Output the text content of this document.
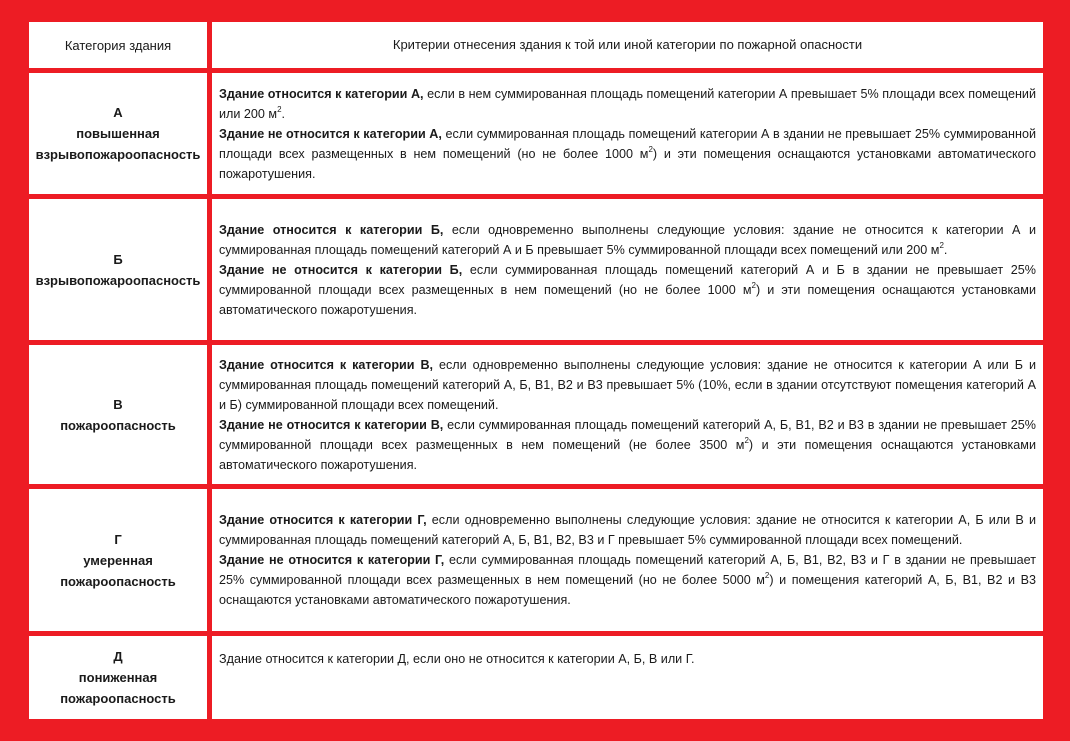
Категория здания	Критерии отнесения здания к той или иной категории по пожарной опасности
А
повышенная
взрывопожароопасность

Здание относится к категории А, если в нем суммированная площадь помещений категории А превышает 5% площади всех помещений или 200 $м^2$.

Здание не относится к категории А, если суммированная площадь помещений категории А в здании не превышает 25% суммированной площади всех размещенных в нем помещений (но не более 1000 $м^2$) и эти помещения оснащаются установками автоматического пожаротушения.

Б
взрывопожароопасность

Здание относится к категории Б, если одновременно выполнены следующие условия: здание не относится к категории А и суммированная площадь помещений категорий А и Б превышает 5% суммированной площади всех помещений или 200 $м^2$.

Здание не относится к категории Б, если суммированная площадь помещений категорий А и Б в здании не превышает 25% суммированной площади всех размещенных в нем помещений (но не более 1000 $м^2$) и эти помещения оснащаются установками автоматического пожаротушения.

В
пожароопасность

Здание относится к категории В, если одновременно выполнены следующие условия: здание не относится к категории А или Б и суммированная площадь помещений категорий А, Б, В1, В2 и В3 превышает 5% (10%, если в здании отсутствуют помещения категорий А и Б) суммированной площади всех помещений.

Здание не относится к категории В, если суммированная площадь помещений категорий А, Б, В1, В2 и В3 в здании не превышает 25% суммированной площади всех размещенных в нем помещений (не более 3500 $м^2$) и эти помещения оснащаются установками автоматического пожаротушения.

Г
умеренная
пожароопасность

Здание относится к категории Г, если одновременно выполнены следующие условия: здание не относится к категории А, Б или В и суммированная площадь помещений категорий А, Б, В1, В2, В3 и Г превышает 5% суммированной площади всех помещений.

Здание не относится к категории Г, если суммированная площадь помещений категорий А, Б, В1, В2, В3 и Г в здании не превышает 25% суммированной площади всех размещенных в нем помещений (но не более 5000 $м^2$) и помещения категорий А, Б, В1, В2 и В3 оснащаются установками автоматического пожаротушения.

Д
пониженная
пожароопасность

Здание относится к категории Д, если оно не относится к категории А, Б, В или Г.
